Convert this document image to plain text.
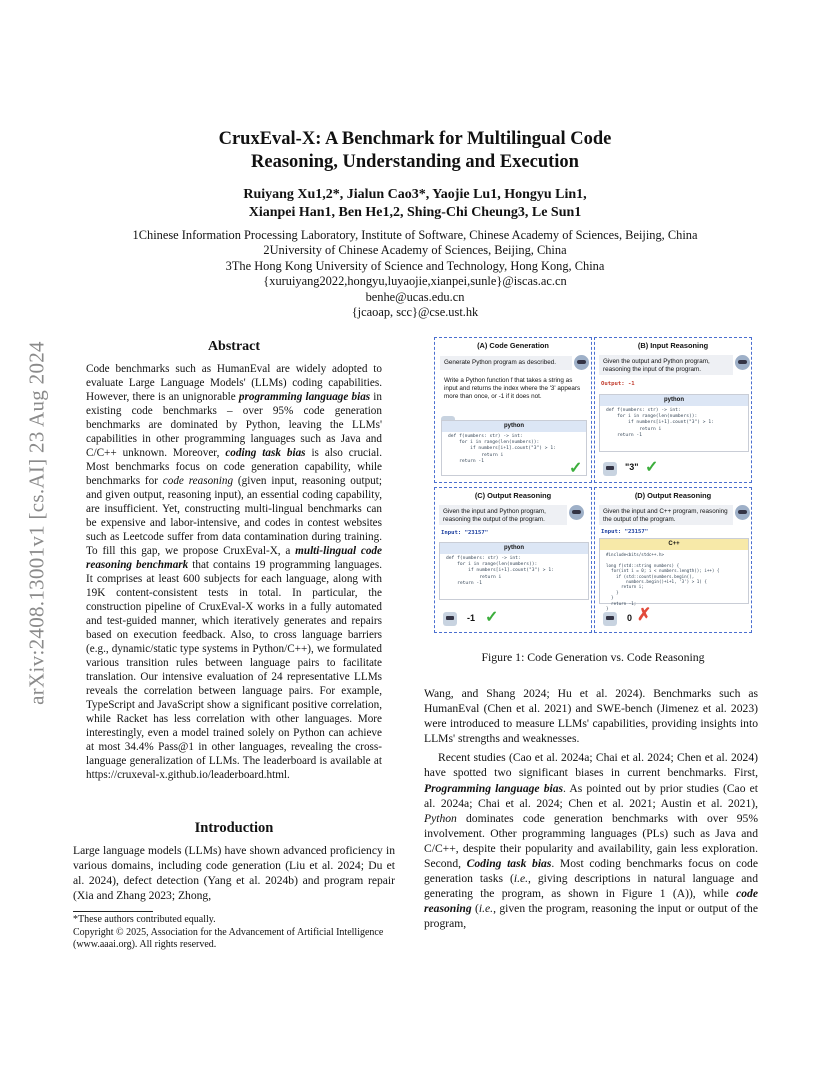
arXiv:2408.13001v1 [cs.AI] 23 Aug 2024
CruxEval-X: A Benchmark for Multilingual Code
Reasoning, Understanding and Execution
Ruiyang Xu1,2*, Jialun Cao3*, Yaojie Lu1, Hongyu Lin1,
Xianpei Han1, Ben He1,2, Shing-Chi Cheung3, Le Sun1
1Chinese Information Processing Laboratory, Institute of Software, Chinese Academy of Sciences, Beijing, China
2University of Chinese Academy of Sciences, Beijing, China
3The Hong Kong University of Science and Technology, Hong Kong, China
{xuruiyang2022,hongyu,luyaojie,xianpei,sunle}@iscas.ac.cn
benhe@ucas.edu.cn
{jcaoap, scc}@cse.ust.hk
Abstract
Code benchmarks such as HumanEval are widely adopted to evaluate Large Language Models' (LLMs) coding capabilities. However, there is an unignorable programming language bias in existing code benchmarks – over 95% code generation benchmarks are dominated by Python, leaving the LLMs' capabilities in other programming languages such as Java and C/C++ unknown. Moreover, coding task bias is also crucial. Most benchmarks focus on code generation capability, while benchmarks for code reasoning (given input, reasoning output; and given output, reasoning input), an essential coding capability, are insufficient. Yet, constructing multi-lingual benchmarks can be expensive and labor-intensive, and codes in contest websites such as Leetcode suffer from data contamination during training. To fill this gap, we propose CruxEval-X, a multi-lingual code reasoning benchmark that contains 19 programming languages. It comprises at least 600 subjects for each language, along with 19K content-consistent tests in total. In particular, the construction pipeline of CruxEval-X works in a fully automated and test-guided manner, which iteratively generates and repairs based on execution feedback. Also, to cross language barriers (e.g., dynamic/static type systems in Python/C++), we formulated various transition rules between language pairs to facilitate translation. Our intensive evaluation of 24 representative LLMs reveals the correlation between language pairs. For example, TypeScript and JavaScript show a significant positive correlation, while Racket has less correlation with other languages. More interestingly, even a model trained solely on Python can achieve at most 34.4% Pass@1 in other languages, revealing the cross-language generalization of LLMs. The leaderboard is available at https://cruxeval-x.github.io/leaderboard.html.
Introduction
Large language models (LLMs) have shown advanced proficiency in various domains, including code generation (Liu et al. 2024; Du et al. 2024), defect detection (Yang et al. 2024b) and program repair (Xia and Zhang 2023; Zhong,
*These authors contributed equally.
Copyright © 2025, Association for the Advancement of Artificial Intelligence (www.aaai.org). All rights reserved.
(A) Code Generation
Generate Python program as described.
Write a Python function f that takes a string as input and returns the index where the '3' appears more than once, or -1 if it does not.
python
def f(numbers: str) -> int:
for i in range(len(numbers)):
if numbers[i+1].count("3") > 1:
return i
return -1	✓
(B) Input Reasoning
Given the output and Python program, reasoning the input of the program.
Output: -1
python
def f(numbers: str) -> int:
for i in range(len(numbers)):
if numbers[i+1].count("3") > 1:
return i
return -1
"3" ✓
(C) Output Reasoning
Given the input and Python program, reasoning the output of the program.
Input: "23157"
python
def f(numbers: str) -> int:
for i in range(len(numbers)):
if numbers[i+1].count("3") > 1:
return i
return -1
-1 ✓
(D) Output Reasoning
Given the input and C++ program, reasoning the output of the program.
Input: "23157"
C++
#include<bits/stdc++.h>

long f(std::string numbers) {
for(int i = 0; i < numbers.length(); i++) {
if (std::count(numbers.begin(),
numbers.begin()+i+1, '3') > 1) {
return i;
}
}
return -1;
}
0 ✗
Figure 1: Code Generation vs. Code Reasoning

Wang, and Shang 2024; Hu et al. 2024). Benchmarks such as HumanEval (Chen et al. 2021) and SWE-bench (Jimenez et al. 2023) were introduced to measure LLMs' capabilities, providing insights into LLMs' strengths and weaknesses.

Recent studies (Cao et al. 2024a; Chai et al. 2024; Chen et al. 2024) have spotted two significant biases in current benchmarks. First, Programming language bias. As pointed out by prior studies (Cao et al. 2024a; Chai et al. 2024; Chen et al. 2021; Austin et al. 2021), Python dominates code generation benchmarks with over 95% involvement. Other programming languages (PLs) such as Java and C/C++, despite their popularity and availability, gain less exploration. Second, Coding task bias. Most coding benchmarks focus on code generation tasks (i.e., giving descriptions in natural language and generating the program, as shown in Figure 1 (A)), while code reasoning (i.e., given the program, reasoning the input or output of the program,
